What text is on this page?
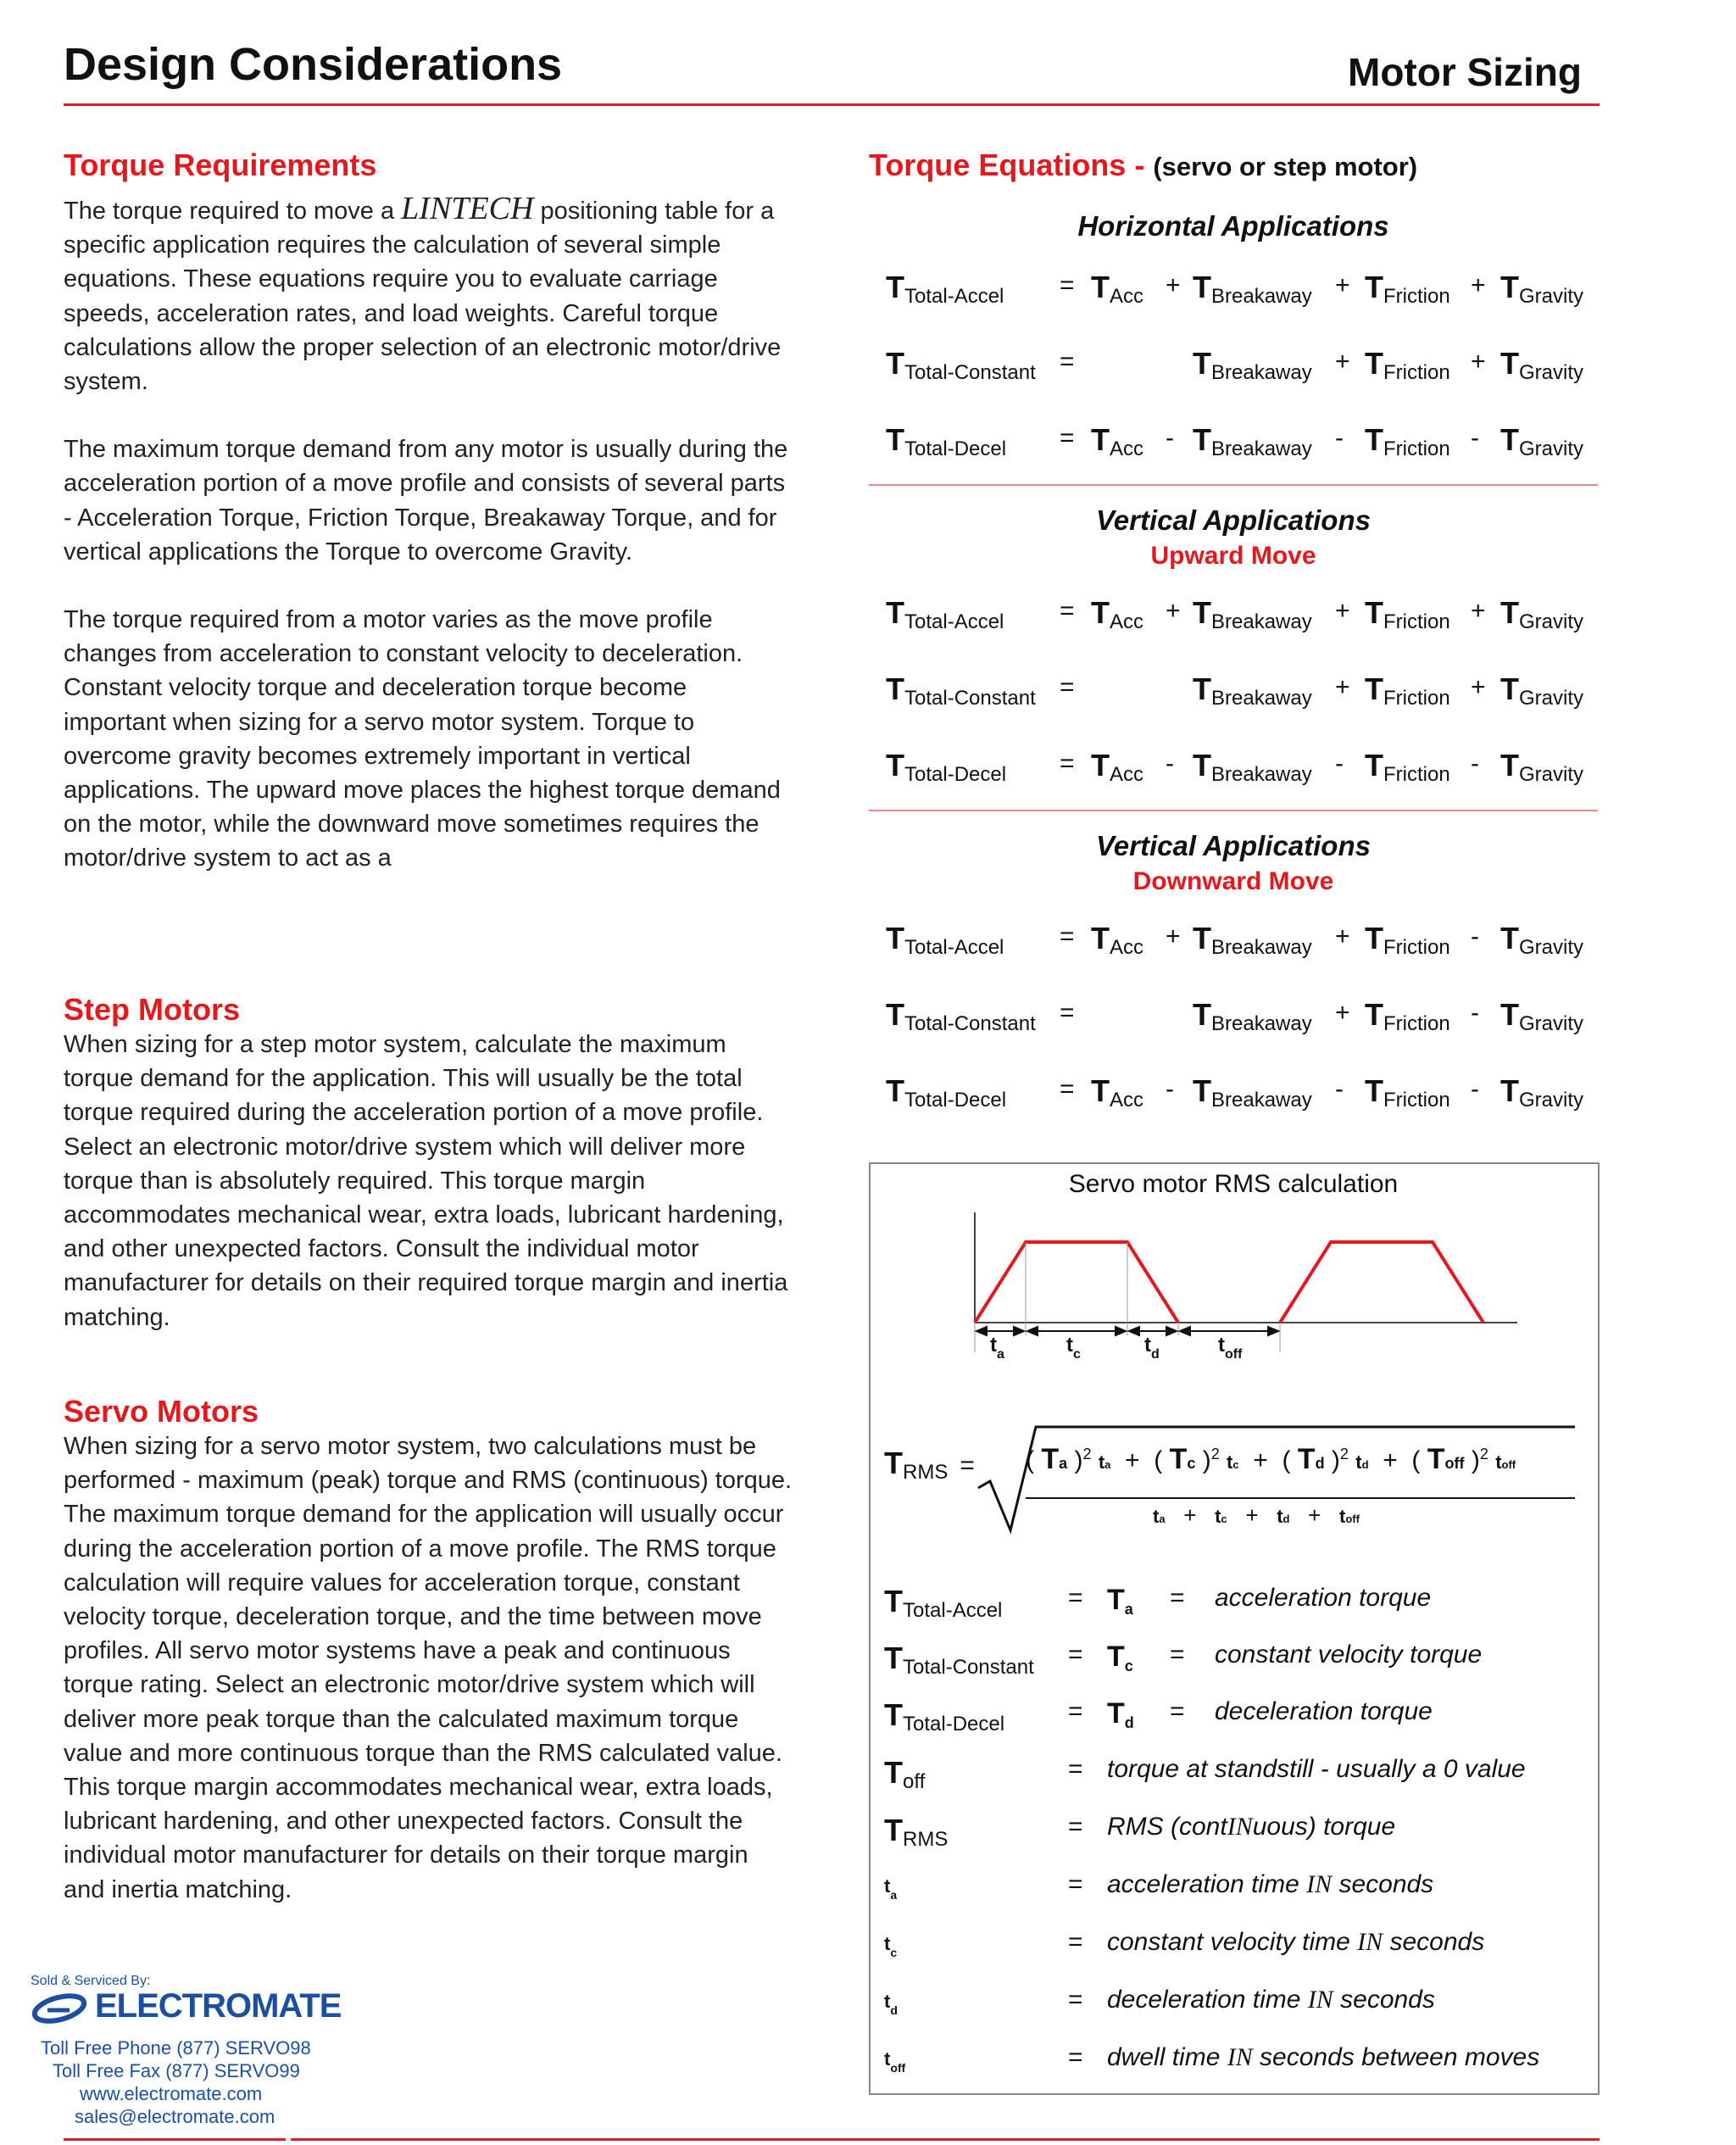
Design Considerations	Motor Sizing
Torque Requirements

The torque required to move a LINTECH positioning table for a specific application requires the calculation of several simple equations. These equations require you to evaluate carriage speeds, acceleration rates, and load weights. Careful torque calculations allow the proper selection of an electronic motor/drive system.

The maximum torque demand from any motor is usually during the acceleration portion of a move profile and consists of several parts - Acceleration Torque, Friction Torque, Breakaway Torque, and for vertical applications the Torque to overcome Gravity.

The torque required from a motor varies as the move profile changes from acceleration to constant velocity to deceleration. Constant velocity torque and deceleration torque become important when sizing for a servo motor system. Torque to overcome gravity becomes extremely important in vertical applications. The upward move places the highest torque demand on the motor, while the downward move sometimes requires the motor/drive system to act as a

Step Motors
When sizing for a step motor system, calculate the maximum torque demand for the application. This will usually be the total torque required during the acceleration portion of a move profile. Select an electronic motor/drive system which will deliver more torque than is absolutely required. This torque margin accommodates mechanical wear, extra loads, lubricant hardening, and other unexpected factors. Consult the individual motor manufacturer for details on their required torque margin and inertia matching.
Servo Motors
When sizing for a servo motor system, two calculations must be performed - maximum (peak) torque and RMS (continuous) torque. The maximum torque demand for the application will usually occur during the acceleration portion of a move profile. The RMS torque calculation will require values for acceleration torque, constant velocity torque, deceleration torque, and the time between move profiles. All servo motor systems have a peak and continuous torque rating. Select an electronic motor/drive system which will deliver more peak torque than the calculated maximum torque value and more continuous torque than the RMS calculated value. This torque margin accommodates mechanical wear, extra loads, lubricant hardening, and other unexpected factors. Consult the individual motor manufacturer for details on their torque margin and inertia matching.
Torque Equations - (servo or step motor)
Horizontal Applications
TTotal-Accel = TAcc + TBreakaway + TFriction + TGravity
TTotal-Constant =	TBreakaway + TFriction + TGravity
TTotal-Decel = TAcc - TBreakaway - TFriction - TGravity
TTotal-Accel = TAcc + TBreakaway + TFriction + TGravity
TTotal-Constant =	TBreakaway + TFriction + TGravity
TTotal-Decel = TAcc - TBreakaway - TFriction - TGravity
TTotal-Accel = TAcc + TBreakaway + TFriction - TGravity
TTotal-Constant =	TBreakaway + TFriction - TGravity
TTotal-Decel = TAcc - TBreakaway - TFriction - TGravity
Vertical Applications
Upward Move
Vertical Applications
Downward Move
Servo motor RMS calculation
$t_a$	$t_c$	$t_d$	$t_{off}$
TRMS = ( Ta )$^2$ ta  +  ( Tc )$^2$ tc  +  ( Td )$^2$ td  +  ( Toff )$^2$ toff
ta   +   tc   +   td   +   toff
$T_{Total-Accel}$	= $T_a$ = acceleration torque
$T_{Total-Constant} = T_c$ = constant velocity torque
$T_{Total-Decel} = T_d$ = deceleration torque
$T_{off}$	= torque at standstill - usually a 0 value
$T_{RMS}$	= RMS (contINuous) torque
$t_a$	= acceleration time IN seconds
$t_c$	= constant velocity time IN seconds
$t_d$	= deceleration time IN seconds
$t_{off}$	= dwell time IN seconds between moves
Sold & Serviced By:
ELECTROMATE
Toll Free Phone (877) SERVO98
Toll Free Fax (877) SERVO99
www.electromate.com
sales@electromate.com
